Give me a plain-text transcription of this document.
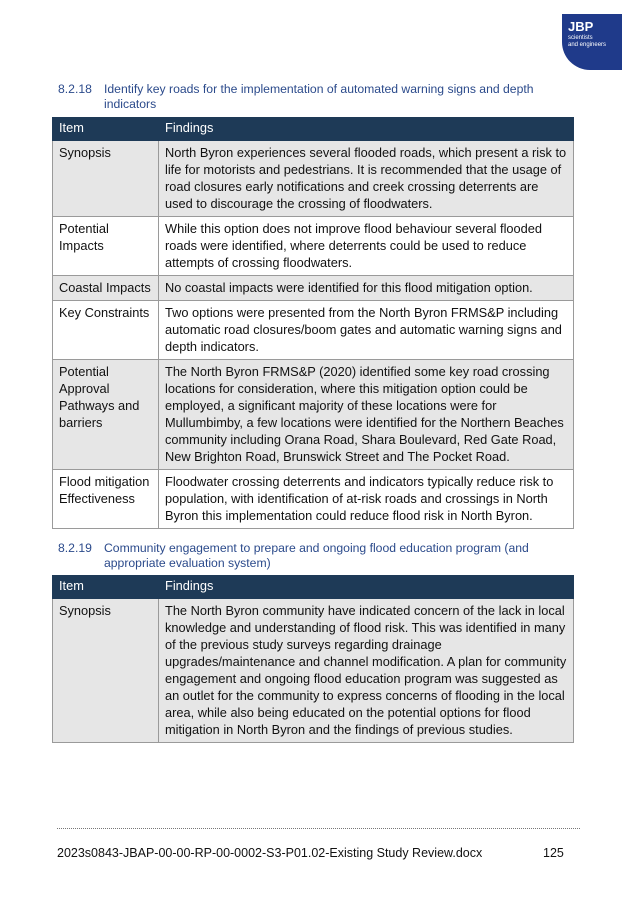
JBP
scientists
and engineers
8.2.18 Identify key roads for the implementation of automated warning signs and depth indicators
Item	Findings
Synopsis	North Byron experiences several flooded roads, which present a risk to life for motorists and pedestrians. It is recommended that the usage of road closures early notifications and creek crossing deterrents are used to discourage the crossing of floodwaters.
Potential Impacts	While this option does not improve flood behaviour several flooded roads were identified, where deterrents could be used to reduce attempts of crossing floodwaters.
Coastal Impacts	No coastal impacts were identified for this flood mitigation option.
Key Constraints	Two options were presented from the North Byron FRMS&P including automatic road closures/boom gates and automatic warning signs and depth indicators.
Potential Approval Pathways and barriers	The North Byron FRMS&P (2020) identified some key road crossing locations for consideration, where this mitigation option could be employed, a significant majority of these locations were for Mullumbimby, a few locations were identified for the Northern Beaches community including Orana Road, Shara Boulevard, Red Gate Road, New Brighton Road, Brunswick Street and The Pocket Road.
Flood mitigation Effectiveness	Floodwater crossing deterrents and indicators typically reduce risk to population, with identification of at-risk roads and crossings in North Byron this implementation could reduce flood risk in North Byron.
8.2.19 Community engagement to prepare and ongoing flood education program (and appropriate evaluation system)
Item	Findings
Synopsis	The North Byron community have indicated concern of the lack in local knowledge and understanding of flood risk. This was identified in many of the previous study surveys regarding drainage upgrades/maintenance and channel modification. A plan for community engagement and ongoing flood education program was suggested as an outlet for the community to express concerns of flooding in the local area, while also being educated on the potential options for flood mitigation in North Byron and the findings of previous studies.
2023s0843-JBAP-00-00-RP-00-0002-S3-P01.02-Existing Study Review.docx	125
